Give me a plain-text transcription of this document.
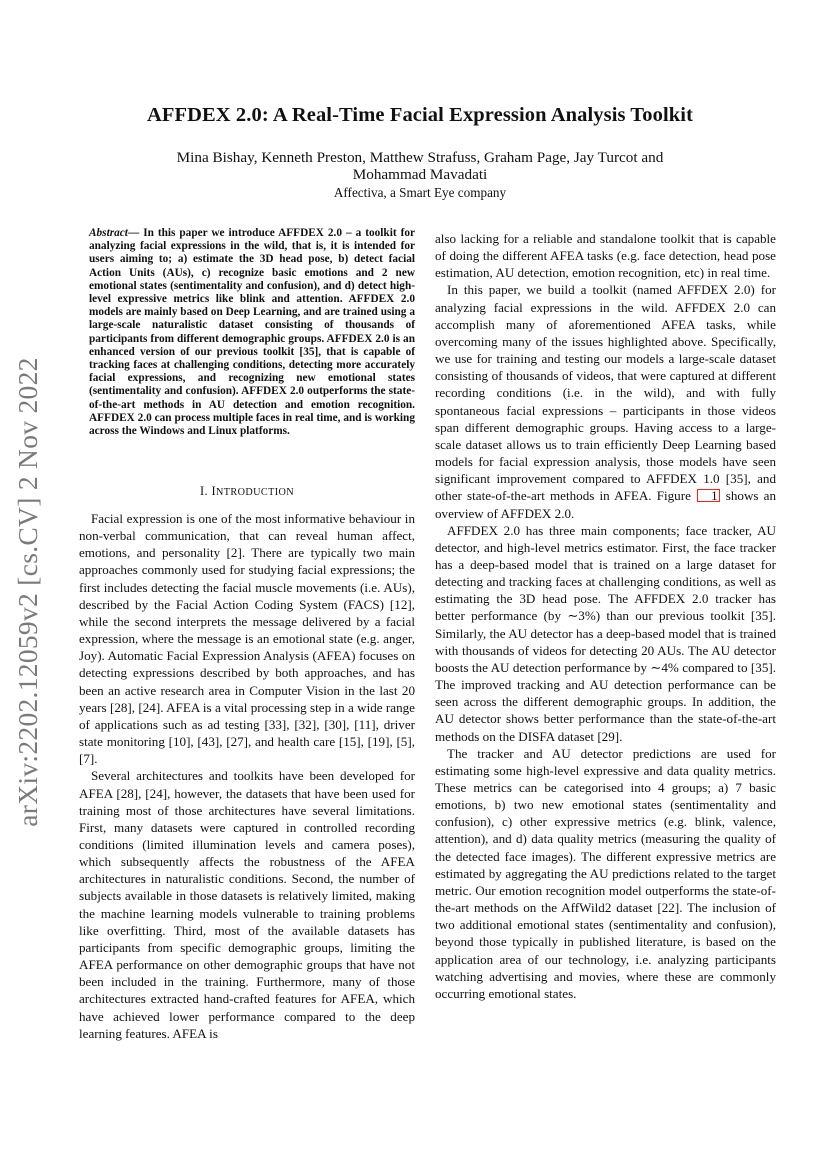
arXiv:2202.12059v2 [cs.CV] 2 Nov 2022
AFFDEX 2.0: A Real-Time Facial Expression Analysis Toolkit
Mina Bishay, Kenneth Preston, Matthew Strafuss, Graham Page, Jay Turcot and Mohammad Mavadati
Affectiva, a Smart Eye company
Abstract— In this paper we introduce AFFDEX 2.0 – a toolkit for analyzing facial expressions in the wild, that is, it is intended for users aiming to; a) estimate the 3D head pose, b) detect facial Action Units (AUs), c) recognize basic emotions and 2 new emotional states (sentimentality and confusion), and d) detect high-level expressive metrics like blink and attention. AFFDEX 2.0 models are mainly based on Deep Learning, and are trained using a large-scale naturalistic dataset consisting of thousands of participants from different demographic groups. AFFDEX 2.0 is an enhanced version of our previous toolkit [35], that is capable of tracking faces at challenging conditions, detecting more accurately facial expressions, and recognizing new emotional states (sentimentality and confusion). AFFDEX 2.0 outperforms the state-of-the-art methods in AU detection and emotion recognition. AFFDEX 2.0 can process multiple faces in real time, and is working across the Windows and Linux platforms.
I. INTRODUCTION

Facial expression is one of the most informative behaviour in non-verbal communication, that can reveal human affect, emotions, and personality [2]. There are typically two main approaches commonly used for studying facial expressions; the first includes detecting the facial muscle movements (i.e. AUs), described by the Facial Action Coding System (FACS) [12], while the second interprets the message delivered by a facial expression, where the message is an emotional state (e.g. anger, Joy). Automatic Facial Expression Analysis (AFEA) focuses on detecting expressions described by both approaches, and has been an active research area in Computer Vision in the last 20 years [28], [24]. AFEA is a vital processing step in a wide range of applications such as ad testing [33], [32], [30], [11], driver state monitoring [10], [43], [27], and health care [15], [19], [5], [7].

Several architectures and toolkits have been developed for AFEA [28], [24], however, the datasets that have been used for training most of those architectures have several limitations. First, many datasets were captured in controlled recording conditions (limited illumination levels and camera poses), which subsequently affects the robustness of the AFEA architectures in naturalistic conditions. Second, the number of subjects available in those datasets is relatively limited, making the machine learning models vulnerable to training problems like overfitting. Third, most of the available datasets has participants from specific demographic groups, limiting the AFEA performance on other demographic groups that have not been included in the training. Furthermore, many of those architectures extracted hand-crafted features for AFEA, which have achieved lower performance compared to the deep learning features. AFEA is

also lacking for a reliable and standalone toolkit that is capable of doing the different AFEA tasks (e.g. face detection, head pose estimation, AU detection, emotion recognition, etc) in real time.

In this paper, we build a toolkit (named AFFDEX 2.0) for analyzing facial expressions in the wild. AFFDEX 2.0 can accomplish many of aforementioned AFEA tasks, while overcoming many of the issues highlighted above. Specifically, we use for training and testing our models a large-scale dataset consisting of thousands of videos, that were captured at different recording conditions (i.e. in the wild), and with fully spontaneous facial expressions – participants in those videos span different demographic groups. Having access to a large-scale dataset allows us to train efficiently Deep Learning based models for facial expression analysis, those models have seen significant improvement compared to AFFDEX 1.0 [35], and other state-of-the-art methods in AFEA. Figure 1 shows an overview of AFFDEX 2.0.

AFFDEX 2.0 has three main components; face tracker, AU detector, and high-level metrics estimator. First, the face tracker has a deep-based model that is trained on a large dataset for detecting and tracking faces at challenging conditions, as well as estimating the 3D head pose. The AFFDEX 2.0 tracker has better performance (by ∼3%) than our previous toolkit [35]. Similarly, the AU detector has a deep-based model that is trained with thousands of videos for detecting 20 AUs. The AU detector boosts the AU detection performance by ∼4% compared to [35]. The improved tracking and AU detection performance can be seen across the different demographic groups. In addition, the AU detector shows better performance than the state-of-the-art methods on the DISFA dataset [29].

The tracker and AU detector predictions are used for estimating some high-level expressive and data quality metrics. These metrics can be categorised into 4 groups; a) 7 basic emotions, b) two new emotional states (sentimentality and confusion), c) other expressive metrics (e.g. blink, valence, attention), and d) data quality metrics (measuring the quality of the detected face images). The different expressive metrics are estimated by aggregating the AU predictions related to the target metric. Our emotion recognition model outperforms the state-of-the-art methods on the AffWild2 dataset [22]. The inclusion of two additional emotional states (sentimentality and confusion), beyond those typically in published literature, is based on the application area of our technology, i.e. analyzing participants watching advertising and movies, where these are commonly occurring emotional states.
